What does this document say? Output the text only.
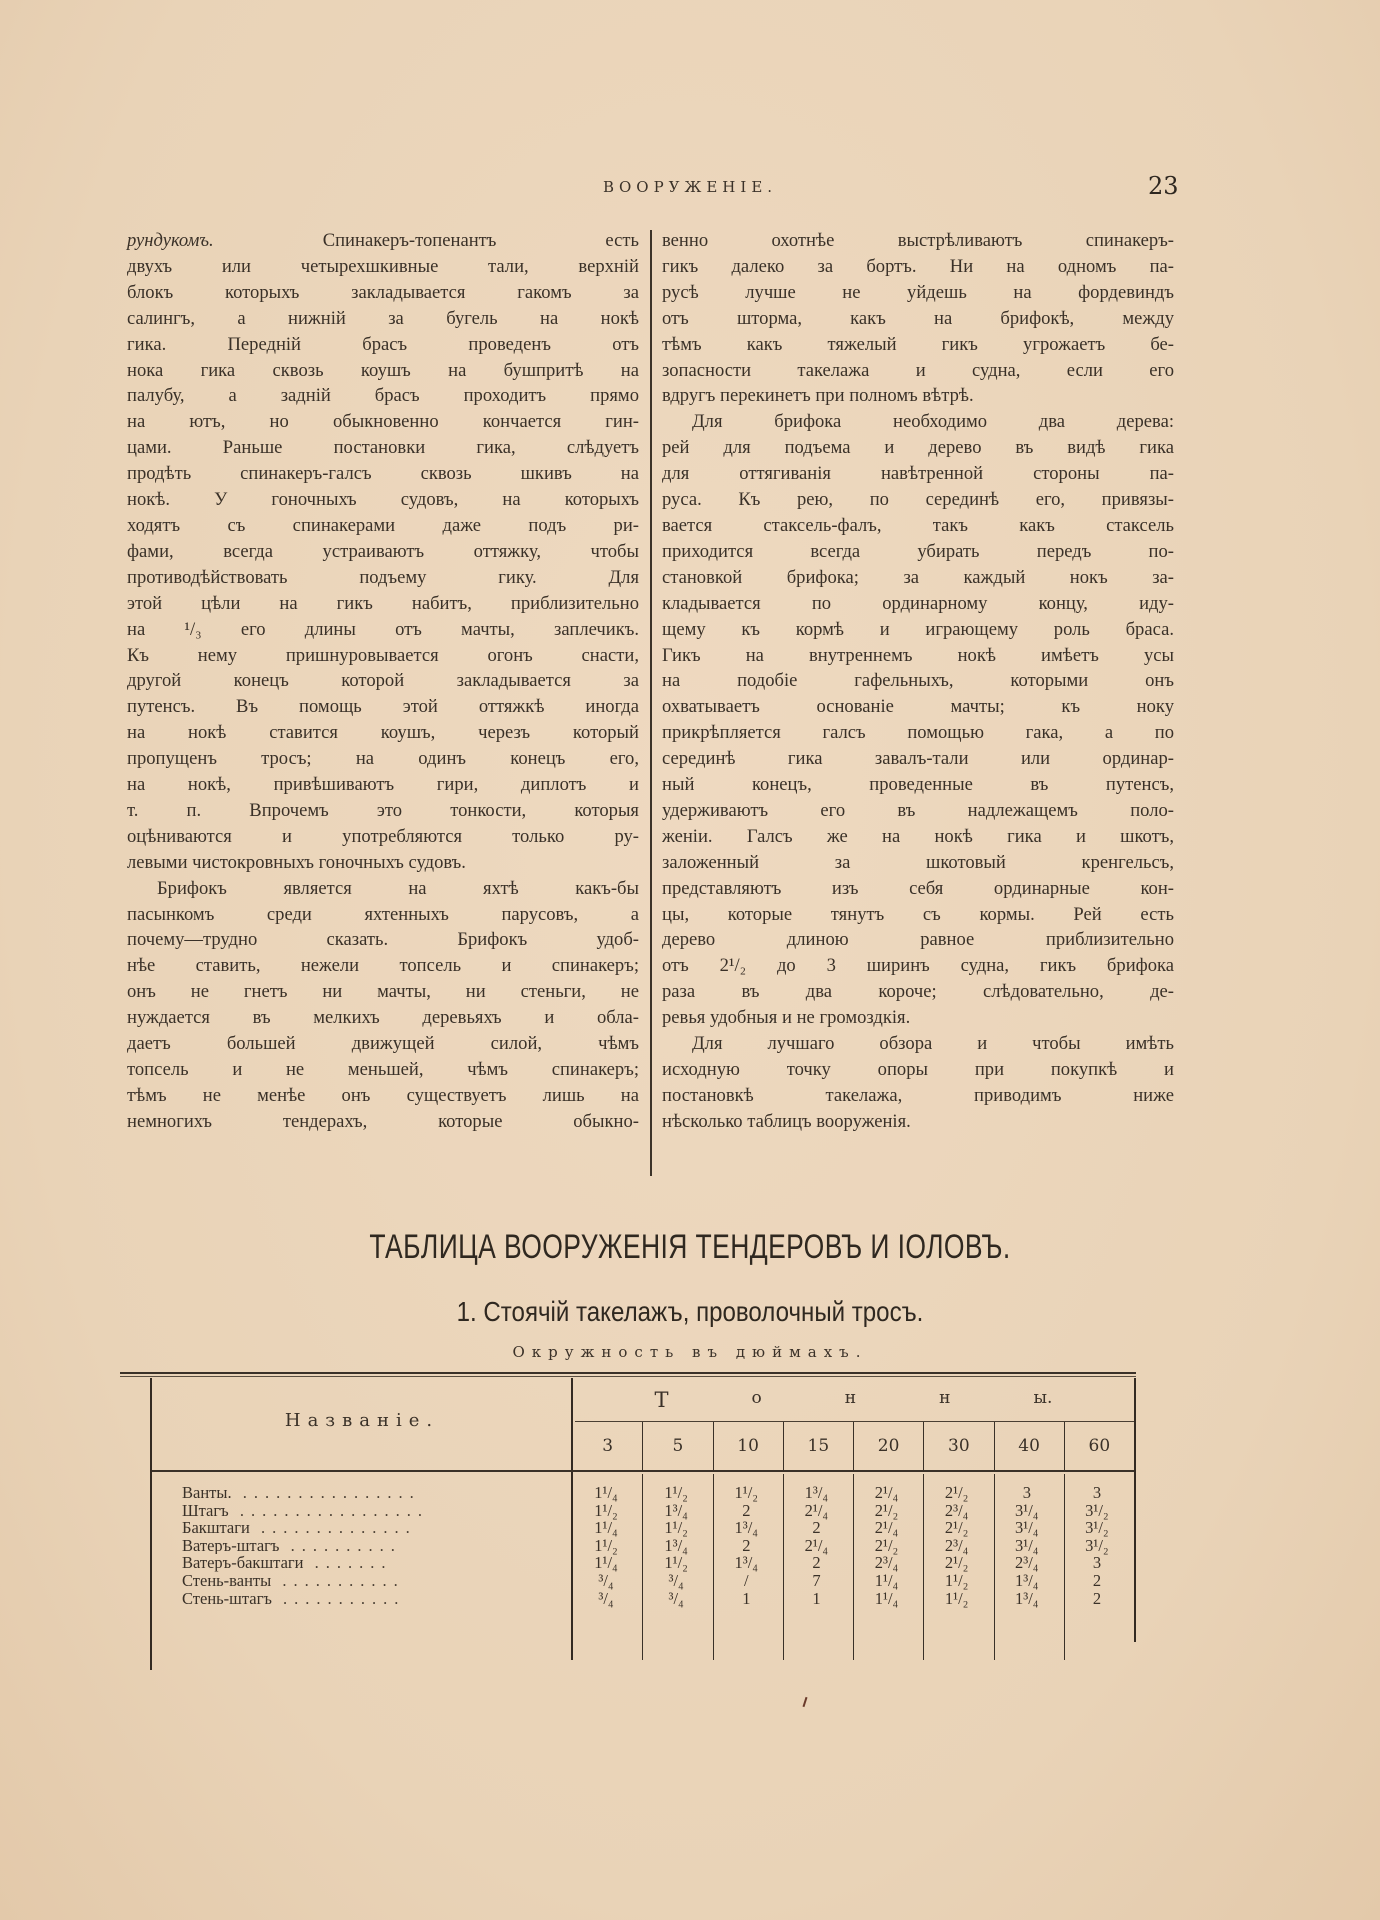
ВООРУЖЕНІЕ.	23
рундукомъ. Спинакеръ-топенантъ есть
двухъ или четырехшкивные тали, верхній
блокъ которыхъ закладывается гакомъ за
салингъ, а нижній за бугель на нокѣ
гика. Передній брасъ проведенъ отъ
нока гика сквозь коушъ на бушпритѣ на
палубу, а задній брасъ проходитъ прямо
на ютъ, но обыкновенно кончается гин-
цами. Раньше постановки гика, слѣдуетъ
продѣть спинакеръ-галсъ сквозь шкивъ на
нокѣ. У гоночныхъ судовъ, на которыхъ
ходятъ съ спинакерами даже подъ ри-
фами, всегда устраиваютъ оттяжку, чтобы
противодѣйствовать подъему гику. Для
этой цѣли на гикъ набитъ, приблизительно
на ¹/₃ его длины отъ мачты, заплечикъ.
Къ нему пришнуровывается огонъ снасти,
другой конецъ которой закладывается за
путенсъ. Въ помощь этой оттяжкѣ иногда
на нокѣ ставится коушъ, черезъ который
пропущенъ тросъ; на одинъ конецъ его,
на нокѣ, привѣшиваютъ гири, диплотъ и
т. п. Впрочемъ это тонкости, которыя
оцѣниваются и употребляются только ру-
левыми чистокровныхъ гоночныхъ судовъ.
Брифокъ является на яхтѣ какъ-бы
пасынкомъ среди яхтенныхъ парусовъ, а
почему—трудно сказать. Брифокъ удоб-
нѣе ставить, нежели топсель и спинакеръ;
онъ не гнетъ ни мачты, ни стеньги, не
нуждается въ мелкихъ деревьяхъ и обла-
даетъ большей движущей силой, чѣмъ
топсель и не меньшей, чѣмъ спинакеръ;
тѣмъ не менѣе онъ существуетъ лишь на
немногихъ тендерахъ, которые обыкно-
венно охотнѣе выстрѣливаютъ спинакеръ-
гикъ далеко за бортъ. Ни на одномъ па-
русѣ лучше не уйдешь на фордевиндъ
отъ шторма, какъ на брифокѣ, между
тѣмъ какъ тяжелый гикъ угрожаетъ бе-
зопасности такелажа и судна, если его
вдругъ перекинетъ при полномъ вѣтрѣ.
Для брифока необходимо два дерева:
рей для подъема и дерево въ видѣ гика
для оттягиванія навѣтренной стороны па-
руса. Къ рею, по серединѣ его, привязы-
вается стаксель-фалъ, такъ какъ стаксель
приходится всегда убирать передъ по-
становкой брифока; за каждый нокъ за-
кладывается по ординарному концу, иду-
щему къ кормѣ и играющему роль браса.
Гикъ на внутреннемъ нокѣ имѣетъ усы
на подобіе гафельныхъ, которыми онъ
охватываетъ основаніе мачты; къ ноку
прикрѣпляется галсъ помощью гака, а по
серединѣ гика завалъ-тали или ординар-
ный конецъ, проведенные въ путенсъ,
удерживаютъ его въ надлежащемъ поло-
женіи. Галсъ же на нокѣ гика и шкотъ,
заложенный за шкотовый кренгельсъ,
представляютъ изъ себя ординарные кон-
цы, которые тянутъ съ кормы. Рей есть
дерево длиною равное приблизительно
отъ 2¹/₂ до 3 ширинъ судна, гикъ брифока
раза въ два короче; слѣдовательно, де-
ревья удобныя и не громоздкія.
Для лучшаго обзора и чтобы имѣть
исходную точку опоры при покупкѣ и
постановкѣ такелажа, приводимъ ниже
нѣсколько таблицъ вооруженія.
ТАБЛИЦА ВООРУЖЕНІЯ ТЕНДЕРОВЪ И ІОЛОВЪ.
1. Стоячій такелажъ, проволочный тросъ.
Окружность въ дюймахъ.
Названіе.
Т	о	н	н	ы.
3	5	10	15	20	30	40	60
Ванты. ................	1¹/₄	1¹/₂	1¹/₂	1³/₄	2¹/₄	2¹/₂	3	3
Штагъ .................	1¹/₂	1³/₄	2	2¹/₄	2¹/₂	2³/₄	3¹/₄	3¹/₂
Бакштаги ..............	1¹/₄	1¹/₂	1³/₄	2	2¹/₄	2¹/₂	3¹/₄	3¹/₂
Ватеръ-штагъ ..........	1¹/₂	1³/₄	2	2¹/₄	2¹/₂	2³/₄	3¹/₄	3¹/₂
Ватеръ-бакштаги .......	1¹/₄	1¹/₂	1³/₄	2	2³/₄	2¹/₂	2³/₄	3
Стень-ванты ...........	³/₄	³/₄	/	7	1¹/₄	1¹/₂	1³/₄	2
Стень-штагъ ...........	³/₄	³/₄	1	1	1¹/₄	1¹/₂	1³/₄	2
